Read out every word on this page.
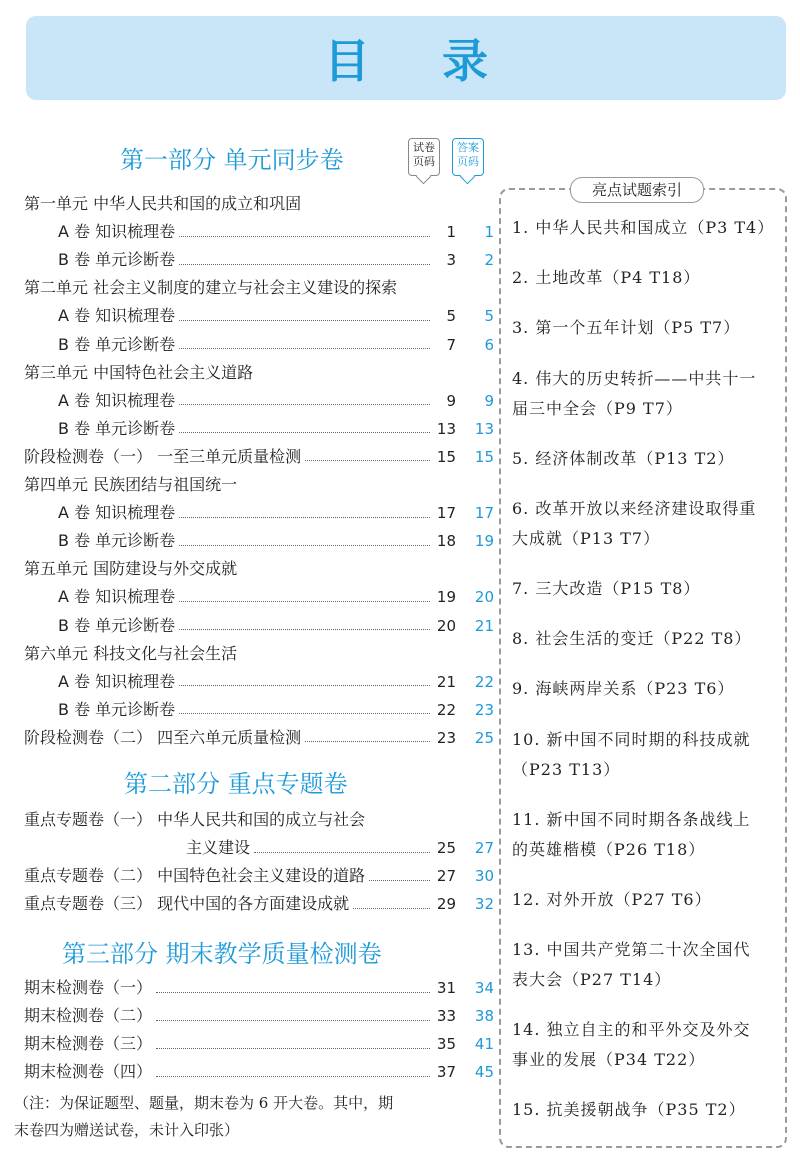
目 录
第一部分 单元同步卷	试卷
页码
答案
页码
第一单元 中华人民共和国的成立和巩固
A 卷 知识梳理卷	1	1
B 卷 单元诊断卷	3	2
第二单元 社会主义制度的建立与社会主义建设的探索
A 卷 知识梳理卷	5	5
B 卷 单元诊断卷	7	6
第三单元 中国特色社会主义道路
A 卷 知识梳理卷	9	9
B 卷 单元诊断卷	13	13
阶段检测卷（一） 一至三单元质量检测	15	15
第四单元 民族团结与祖国统一
A 卷 知识梳理卷	17	17
B 卷 单元诊断卷	18	19
第五单元 国防建设与外交成就
A 卷 知识梳理卷	19	20
B 卷 单元诊断卷	20	21
第六单元 科技文化与社会生活
A 卷 知识梳理卷	21	22
B 卷 单元诊断卷	22	23
阶段检测卷（二） 四至六单元质量检测	23	25
第二部分 重点专题卷
重点专题卷（一） 中华人民共和国的成立与社会
主义建设	25	27
重点专题卷（二） 中国特色社会主义建设的道路	27	30
重点专题卷（三） 现代中国的各方面建设成就	29	32
第三部分 期末教学质量检测卷
期末检测卷（一）	31	34
期末检测卷（二）	33	38
期末检测卷（三）	35	41
期末检测卷（四）	37	45
（注：为保证题型、题量，期末卷为 6 开大卷。其中，期
末卷四为赠送试卷，未计入印张）
亮点试题索引
1. 中华人民共和国成立（P3 T4）
2. 土地改革（P4 T18）
3. 第一个五年计划（P5 T7）
4. 伟大的历史转折——中共十一
届三中全会（P9 T7）
5. 经济体制改革（P13 T2）
6. 改革开放以来经济建设取得重
大成就（P13 T7）
7. 三大改造（P15 T8）
8. 社会生活的变迁（P22 T8）
9. 海峡两岸关系（P23 T6）
10. 新中国不同时期的科技成就
（P23 T13）
11. 新中国不同时期各条战线上
的英雄楷模（P26 T18）
12. 对外开放（P27 T6）
13. 中国共产党第二十次全国代
表大会（P27 T14）
14. 独立自主的和平外交及外交
事业的发展（P34 T22）
15. 抗美援朝战争（P35 T2）
